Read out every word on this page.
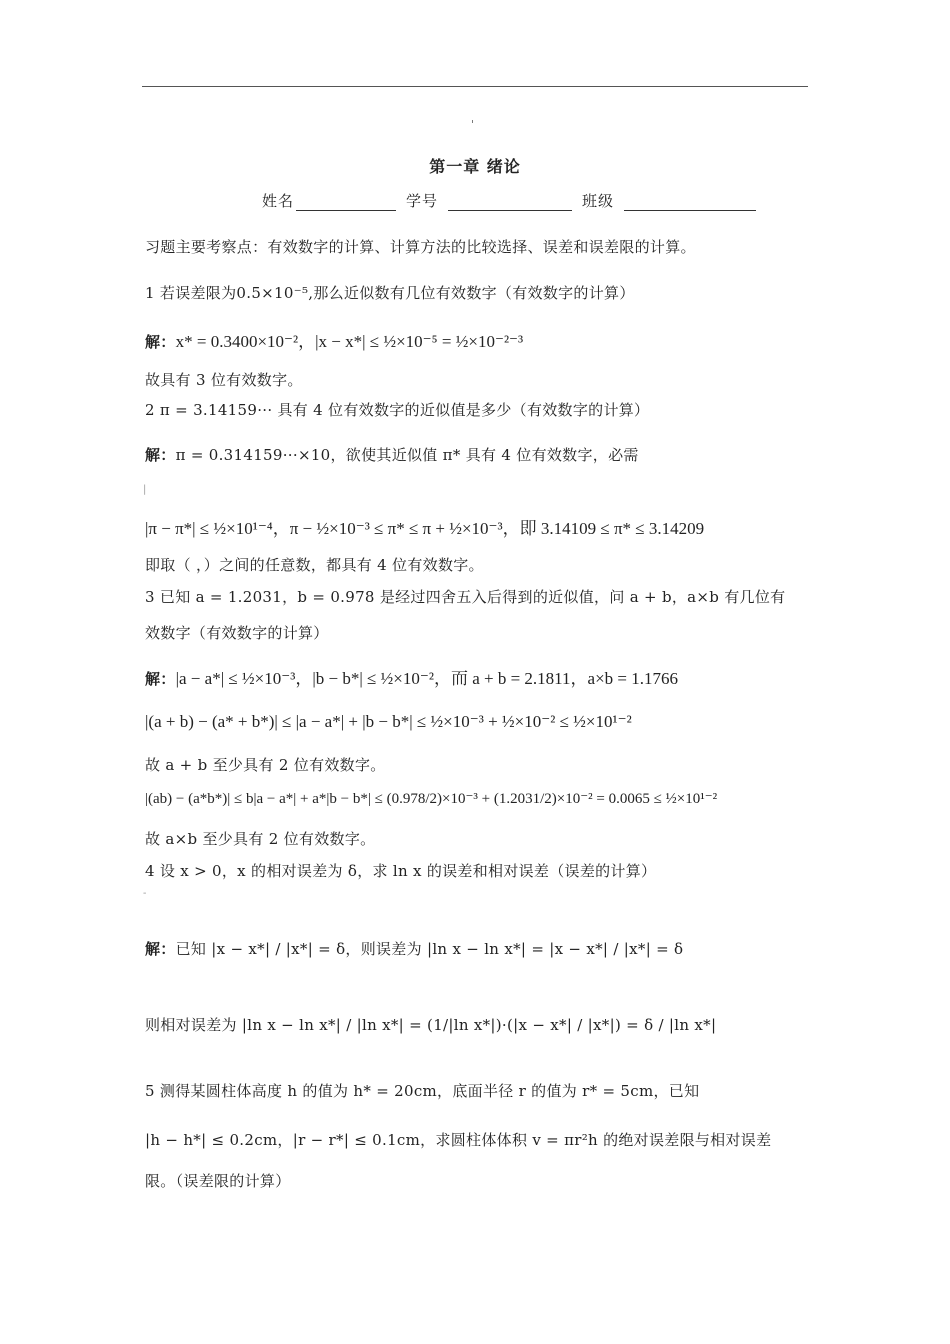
'
第一章 绪论
姓名	学号	班级
习题主要考察点：有效数字的计算、计算方法的比较选择、误差和误差限的计算。
1 若误差限为0.5×10⁻⁵,那么近似数有几位有效数字（有效数字的计算）
解：x* = 0.3400×10⁻²，|x − x*| ≤ ½×10⁻⁵ = ½×10⁻²⁻³
故具有 3 位有效数字。
2 π = 3.14159··· 具有 4 位有效数字的近似值是多少（有效数字的计算）
解：π = 0.314159···×10，欲使其近似值 π* 具有 4 位有效数字，必需
|
|π − π*| ≤ ½×10¹⁻⁴，π − ½×10⁻³ ≤ π* ≤ π + ½×10⁻³，即 3.14109 ≤ π* ≤ 3.14209
即取（ ，）之间的任意数，都具有 4 位有效数字。
3 已知 a = 1.2031，b = 0.978 是经过四舍五入后得到的近似值，问 a + b，a×b 有几位有
效数字（有效数字的计算）
解：|a − a*| ≤ ½×10⁻³，|b − b*| ≤ ½×10⁻²，而 a + b = 2.1811，a×b = 1.1766
|(a + b) − (a* + b*)| ≤ |a − a*| + |b − b*| ≤ ½×10⁻³ + ½×10⁻² ≤ ½×10¹⁻²
故 a + b 至少具有 2 位有效数字。
|(ab) − (a*b*)| ≤ b|a − a*| + a*|b − b*| ≤ (0.978/2)×10⁻³ + (1.2031/2)×10⁻² = 0.0065 ≤ ½×10¹⁻²
故 a×b 至少具有 2 位有效数字。
4 设 x > 0，x 的相对误差为 δ，求 ln x 的误差和相对误差（误差的计算）
-
解：已知 |x − x*| / |x*| = δ，则误差为 |ln x − ln x*| = |x − x*| / |x*| = δ
则相对误差为 |ln x − ln x*| / |ln x*| = (1/|ln x*|)·(|x − x*| / |x*|) = δ / |ln x*|
5 测得某圆柱体高度 h 的值为 h* = 20cm，底面半径 r 的值为 r* = 5cm，已知
|h − h*| ≤ 0.2cm，|r − r*| ≤ 0.1cm，求圆柱体体积 v = πr²h 的绝对误差限与相对误差
限。（误差限的计算）
